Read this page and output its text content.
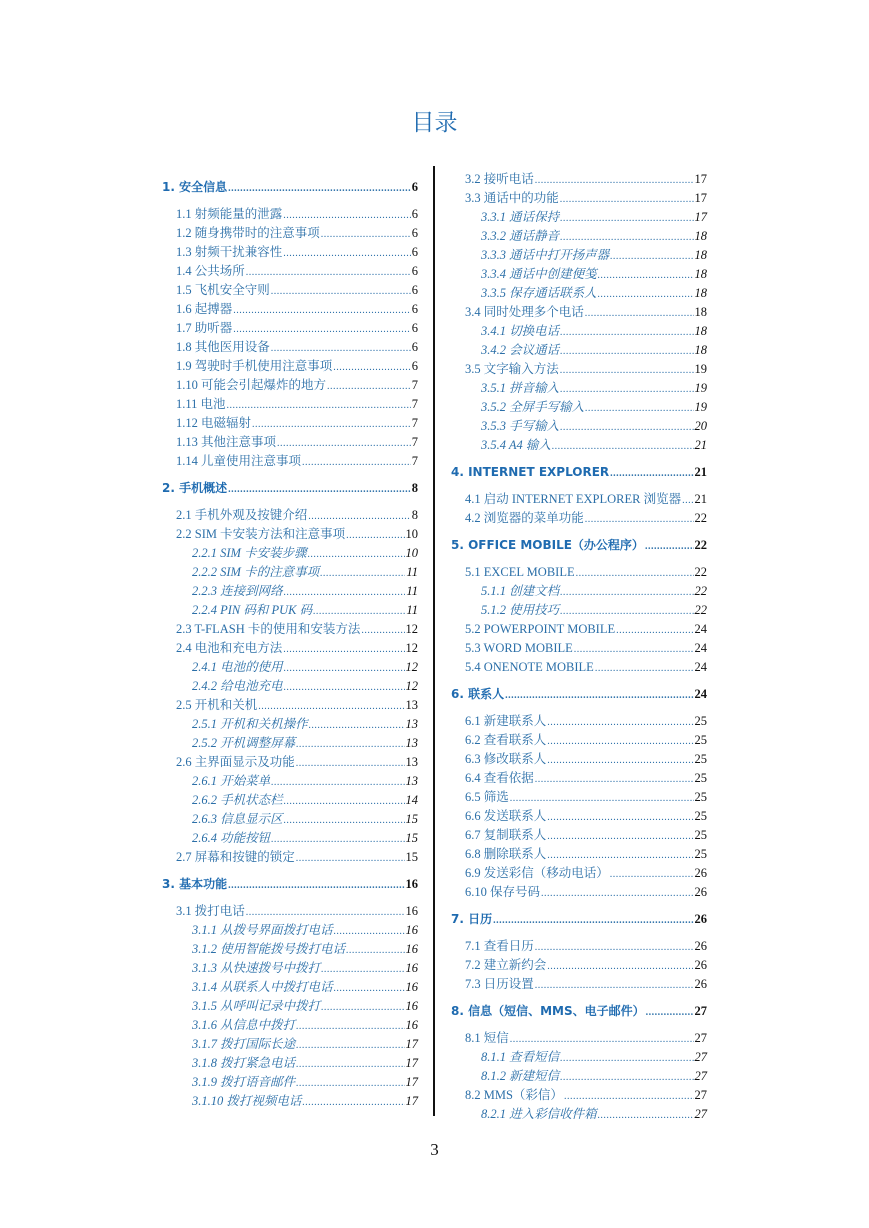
目录
1. 安全信息 .....	6
1.1 射频能量的泄露 .....	6
1.2 随身携带时的注意事项 .....	6
1.3 射频干扰兼容性 .....	6
1.4 公共场所 .....	6
1.5 飞机安全守则 .....	6
1.6 起搏器 .....	6
1.7 助听器 .....	6
1.8 其他医用设备 .....	6
1.9 驾驶时手机使用注意事项 .....	6
1.10 可能会引起爆炸的地方 .....	7
1.11 电池 .....	7
1.12 电磁辐射 .....	7
1.13 其他注意事项 .....	7
1.14 儿童使用注意事项 .....	7
2. 手机概述 .....	8
2.1 手机外观及按键介绍 .....	8
2.2 SIM 卡安装方法和注意事项 .....	10
2.2.1 SIM 卡安装步骤 .....	10
2.2.2 SIM 卡的注意事项 .....	11
2.2.3 连接到网络 .....	11
2.2.4 PIN 码和 PUK 码 .....	11
2.3 T-FLASH 卡的使用和安装方法 .....	12
2.4 电池和充电方法 .....	12
2.4.1 电池的使用 .....	12
2.4.2 给电池充电 .....	12
2.5 开机和关机 .....	13
2.5.1 开机和关机操作 .....	13
2.5.2 开机调整屏幕 .....	13
2.6 主界面显示及功能 .....	13
2.6.1 开始菜单 .....	13
2.6.2 手机状态栏 .....	14
2.6.3 信息显示区 .....	15
2.6.4 功能按钮 .....	15
2.7 屏幕和按键的锁定 .....	15
3. 基本功能 .....	16
3.1 拨打电话 .....	16
3.1.1 从拨号界面拨打电话 .....	16
3.1.2 使用智能拨号拨打电话 .....	16
3.1.3 从快速拨号中拨打 .....	16
3.1.4 从联系人中拨打电话 .....	16
3.1.5 从呼叫记录中拨打 .....	16
3.1.6 从信息中拨打 .....	16
3.1.7 拨打国际长途 .....	17
3.1.8 拨打紧急电话 .....	17
3.1.9 拨打语音邮件 .....	17
3.1.10 拨打视频电话 .....	17
3.2 接听电话 .....	17
3.3 通话中的功能 .....	17
3.3.1 通话保持 .....	17
3.3.2 通话静音 .....	18
3.3.3 通话中打开扬声器 .....	18
3.3.4 通话中创建便笺 .....	18
3.3.5 保存通话联系人 .....	18
3.4 同时处理多个电话 .....	18
3.4.1 切换电话 .....	18
3.4.2 会议通话 .....	18
3.5 文字输入方法 .....	19
3.5.1 拼音输入 .....	19
3.5.2 全屏手写输入 .....	19
3.5.3 手写输入 .....	20
3.5.4 A4 输入 .....	21
4. INTERNET EXPLORER .....	21
4.1 启动 INTERNET EXPLORER 浏览器 ..... 21
4.2 浏览器的菜单功能 .....	22
5. OFFICE MOBILE（办公程序） .....	22
5.1 EXCEL MOBILE .....	22
5.1.1 创建文档 .....	22
5.1.2 使用技巧 .....	22
5.2 POWERPOINT MOBILE .....	24
5.3 WORD MOBILE .....	24
5.4 ONENOTE MOBILE .....	24
6. 联系人 .....	24
6.1 新建联系人 .....	25
6.2 查看联系人 .....	25
6.3 修改联系人 .....	25
6.4 查看依据 .....	25
6.5 筛选 .....	25
6.6 发送联系人 .....	25
6.7 复制联系人 .....	25
6.8 删除联系人 .....	25
6.9 发送彩信（移动电话） .....	26
6.10 保存号码 .....	26
7. 日历 .....	26
7.1 查看日历 .....	26
7.2 建立新约会 .....	26
7.3 日历设置 .....	26
8. 信息（短信、MMS、电子邮件） .....	27
8.1 短信 .....	27
8.1.1 查看短信 .....	27
8.1.2 新建短信 .....	27
8.2 MMS（彩信） .....	27
8.2.1 进入彩信收件箱 .....	27
3
